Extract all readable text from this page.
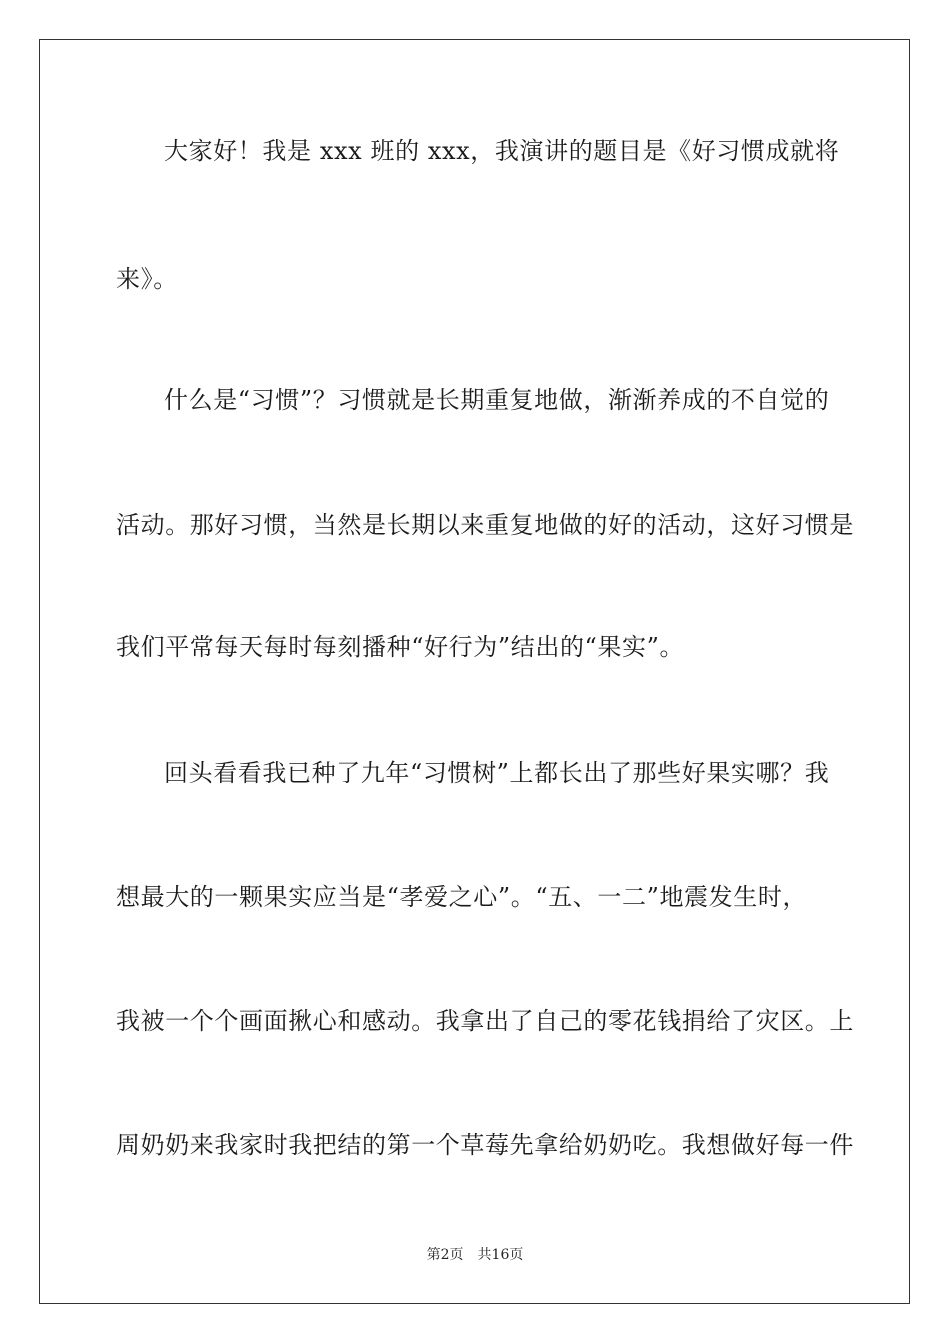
大家好！我是 xxx 班的 xxx，我演讲的题目是《好习惯成就将
来》。
什么是“习惯”？习惯就是长期重复地做，渐渐养成的不自觉的
活动。那好习惯，当然是长期以来重复地做的好的活动，这好习惯是
我们平常每天每时每刻播种“好行为”结出的“果实”。
回头看看我已种了九年“习惯树”上都长出了那些好果实哪？我
想最大的一颗果实应当是“孝爱之心”。“五、一二”地震发生时，
我被一个个画面揪心和感动。我拿出了自己的零花钱捐给了灾区。上
周奶奶来我家时我把结的第一个草莓先拿给奶奶吃。我想做好每一件
第2页 共16页
